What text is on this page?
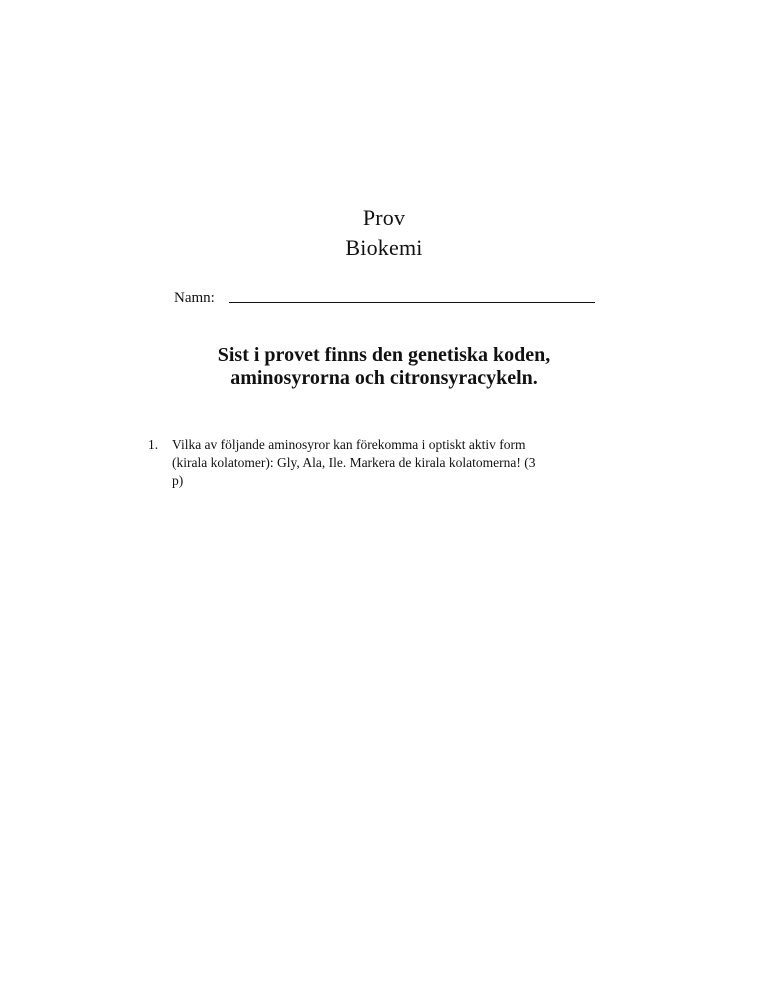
Prov
Biokemi
Namn:
Sist i provet finns den genetiska koden,
aminosyrorna och citronsyracykeln.
1. Vilka av följande aminosyror kan förekomma i optiskt aktiv form (kirala kolatomer): Gly, Ala, Ile. Markera de kirala kolatomerna! (3 p)
